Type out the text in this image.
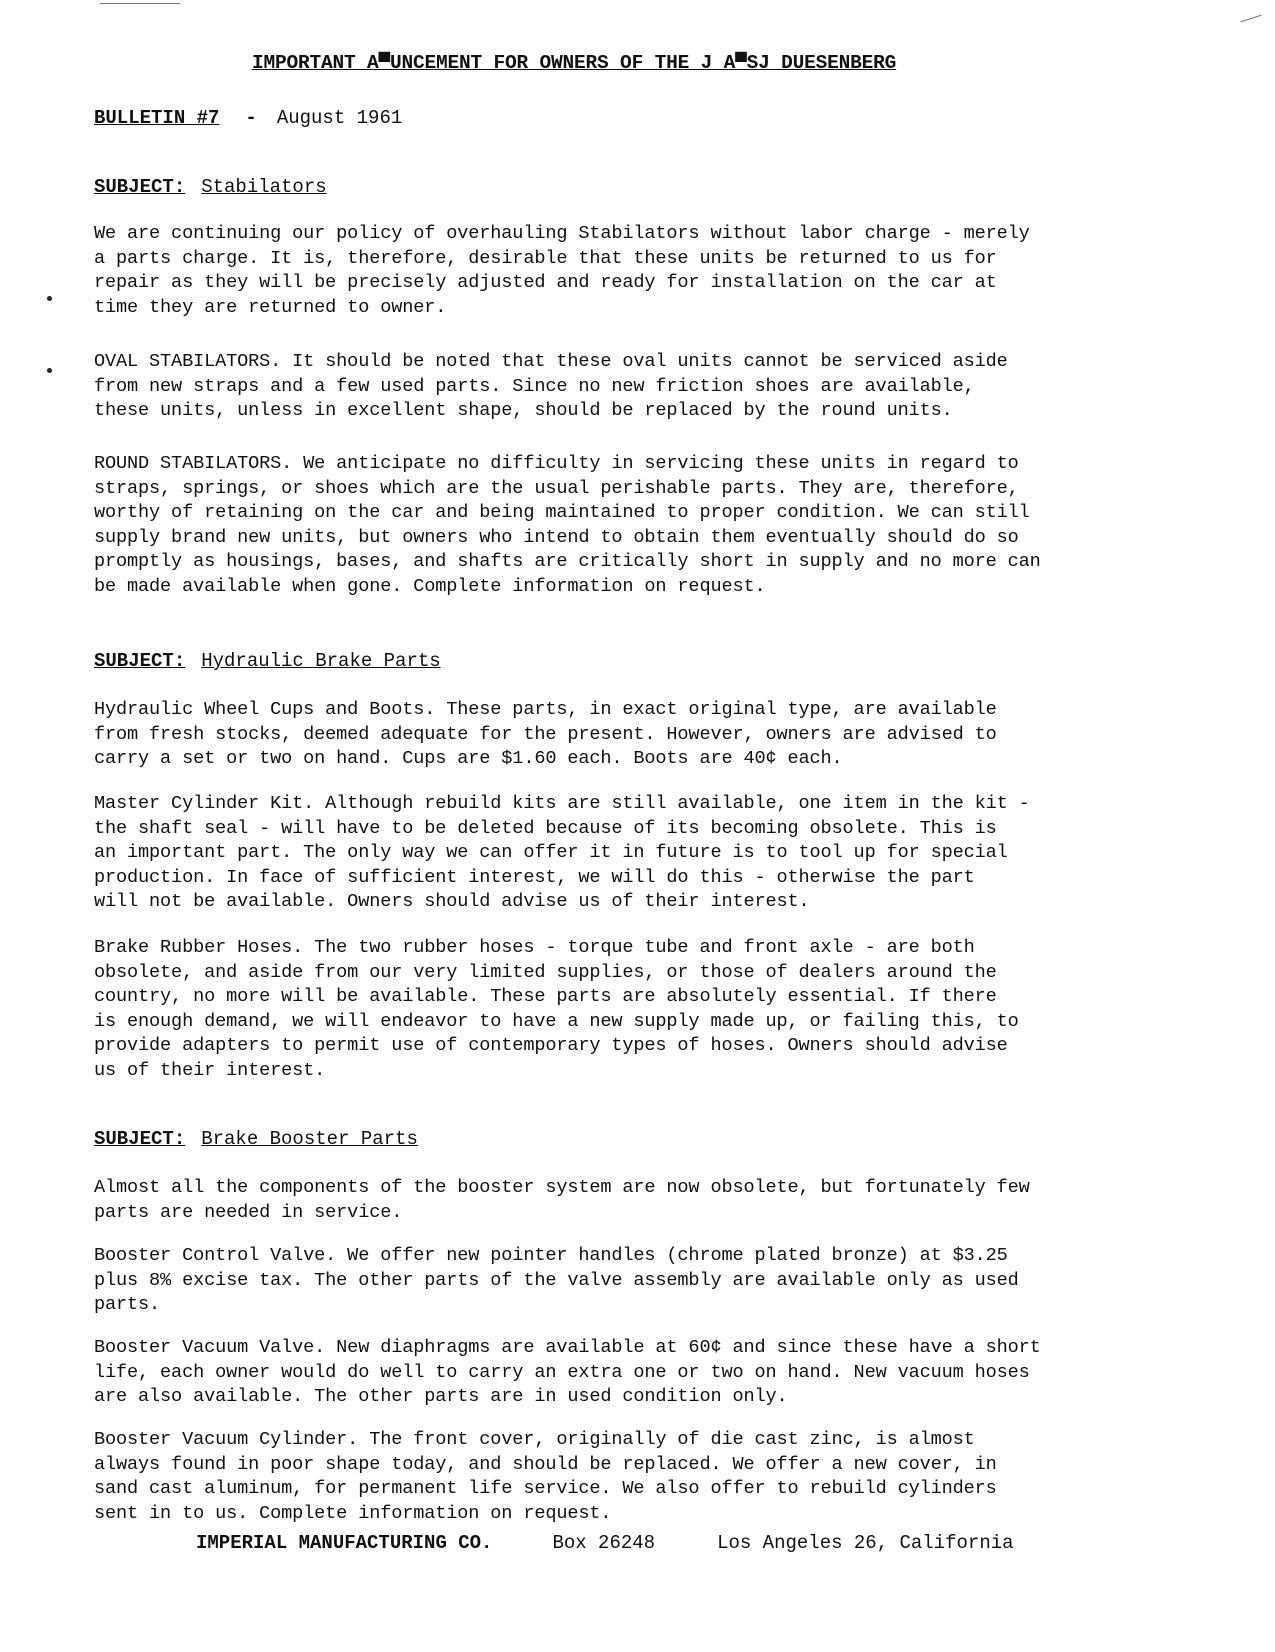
IMPORTANT A▀UNCEMENT FOR OWNERS OF THE J A▀SJ DUESENBERG
BULLETIN #7 - August 1961
SUBJECT: Stabilators
We are continuing our policy of overhauling Stabilators without labor charge - merely
a parts charge. It is, therefore, desirable that these units be returned to us for
repair as they will be precisely adjusted and ready for installation on the car at
time they are returned to owner.
OVAL STABILATORS. It should be noted that these oval units cannot be serviced aside
from new straps and a few used parts. Since no new friction shoes are available,
these units, unless in excellent shape, should be replaced by the round units.
ROUND STABILATORS. We anticipate no difficulty in servicing these units in regard to
straps, springs, or shoes which are the usual perishable parts. They are, therefore,
worthy of retaining on the car and being maintained to proper condition. We can still
supply brand new units, but owners who intend to obtain them eventually should do so
promptly as housings, bases, and shafts are critically short in supply and no more can
be made available when gone. Complete information on request.
SUBJECT: Hydraulic Brake Parts
Hydraulic Wheel Cups and Boots. These parts, in exact original type, are available
from fresh stocks, deemed adequate for the present. However, owners are advised to
carry a set or two on hand. Cups are $1.60 each. Boots are 40¢ each.
Master Cylinder Kit. Although rebuild kits are still available, one item in the kit -
the shaft seal - will have to be deleted because of its becoming obsolete. This is
an important part. The only way we can offer it in future is to tool up for special
production. In face of sufficient interest, we will do this - otherwise the part
will not be available. Owners should advise us of their interest.
Brake Rubber Hoses. The two rubber hoses - torque tube and front axle - are both
obsolete, and aside from our very limited supplies, or those of dealers around the
country, no more will be available. These parts are absolutely essential. If there
is enough demand, we will endeavor to have a new supply made up, or failing this, to
provide adapters to permit use of contemporary types of hoses. Owners should advise
us of their interest.
SUBJECT: Brake Booster Parts
Almost all the components of the booster system are now obsolete, but fortunately few
parts are needed in service.
Booster Control Valve. We offer new pointer handles (chrome plated bronze) at $3.25
plus 8% excise tax. The other parts of the valve assembly are available only as used
parts.
Booster Vacuum Valve. New diaphragms are available at 60¢ and since these have a short
life, each owner would do well to carry an extra one or two on hand. New vacuum hoses
are also available. The other parts are in used condition only.
Booster Vacuum Cylinder. The front cover, originally of die cast zinc, is almost
always found in poor shape today, and should be replaced. We offer a new cover, in
sand cast aluminum, for permanent life service. We also offer to rebuild cylinders
sent in to us. Complete information on request.
IMPERIAL MANUFACTURING CO.	Box 26248	Los Angeles 26, California
